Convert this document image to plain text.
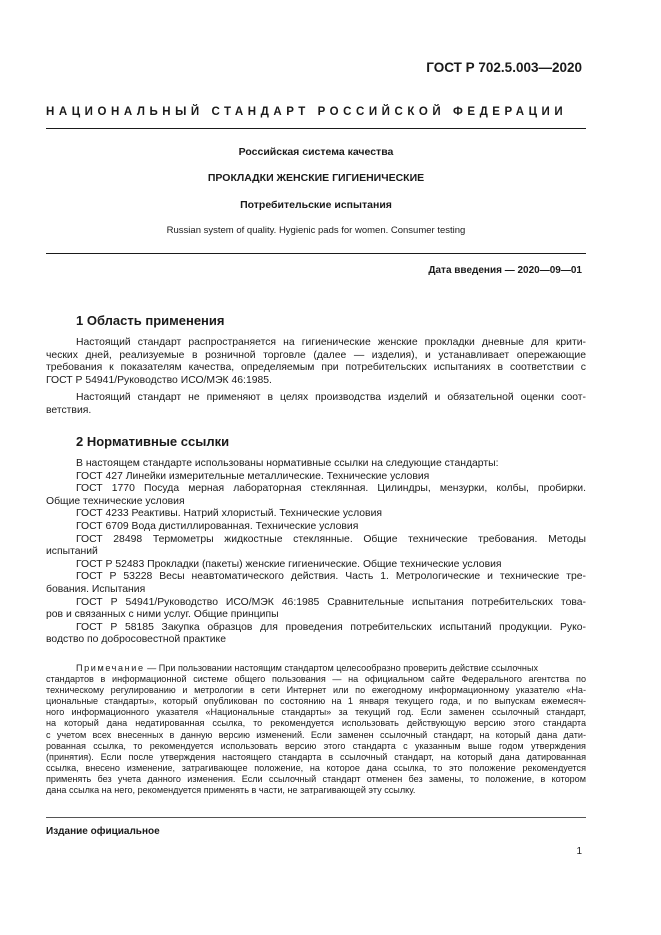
ГОСТ Р 702.5.003—2020
НАЦИОНАЛЬНЫЙ СТАНДАРТ РОССИЙСКОЙ ФЕДЕРАЦИИ
Российская система качества
ПРОКЛАДКИ ЖЕНСКИЕ ГИГИЕНИЧЕСКИЕ
Потребительские испытания
Russian system of quality. Hygienic pads for women. Consumer testing
Дата введения — 2020—09—01
1 Область применения
Настоящий стандарт распространяется на гигиенические женские прокладки дневные для крити-
ческих дней, реализуемые в розничной торговле (далее — изделия), и устанавливает опережающие
требования к показателям качества, определяемым при потребительских испытаниях в соответствии с
ГОСТ Р 54941/Руководство ИСО/МЭК 46:1985.
Настоящий стандарт не применяют в целях производства изделий и обязательной оценки соот-
ветствия.
2 Нормативные ссылки
В настоящем стандарте использованы нормативные ссылки на следующие стандарты:
ГОСТ 427 Линейки измерительные металлические. Технические условия
ГОСТ 1770 Посуда мерная лабораторная стеклянная. Цилиндры, мензурки, колбы, пробирки.
Общие технические условия
ГОСТ 4233 Реактивы. Натрий хлористый. Технические условия
ГОСТ 6709 Вода дистиллированная. Технические условия
ГОСТ 28498 Термометры жидкостные стеклянные. Общие технические требования. Методы
испытаний
ГОСТ Р 52483 Прокладки (пакеты) женские гигиенические. Общие технические условия
ГОСТ Р 53228 Весы неавтоматического действия. Часть 1. Метрологические и технические тре-
бования. Испытания
ГОСТ Р 54941/Руководство ИСО/МЭК 46:1985 Сравнительные испытания потребительских това-
ров и связанных с ними услуг. Общие принципы
ГОСТ Р 58185 Закупка образцов для проведения потребительских испытаний продукции. Руко-
водство по добросовестной практике
Примечание — При пользовании настоящим стандартом целесообразно проверить действие ссылочных
стандартов в информационной системе общего пользования — на официальном сайте Федерального агентства по
техническому регулированию и метрологии в сети Интернет или по ежегодному информационному указателю «На-
циональные стандарты», который опубликован по состоянию на 1 января текущего года, и по выпускам ежемесяч-
ного информационного указателя «Национальные стандарты» за текущий год. Если заменен ссылочный стандарт,
на который дана недатированная ссылка, то рекомендуется использовать действующую версию этого стандарта
с учетом всех внесенных в данную версию изменений. Если заменен ссылочный стандарт, на который дана дати-
рованная ссылка, то рекомендуется использовать версию этого стандарта с указанным выше годом утверждения
(принятия). Если после утверждения настоящего стандарта в ссылочный стандарт, на который дана датированная
ссылка, внесено изменение, затрагивающее положение, на которое дана ссылка, то это положение рекомендуется
применять без учета данного изменения. Если ссылочный стандарт отменен без замены, то положение, в котором
дана ссылка на него, рекомендуется применять в части, не затрагивающей эту ссылку.
Издание официальное
1
